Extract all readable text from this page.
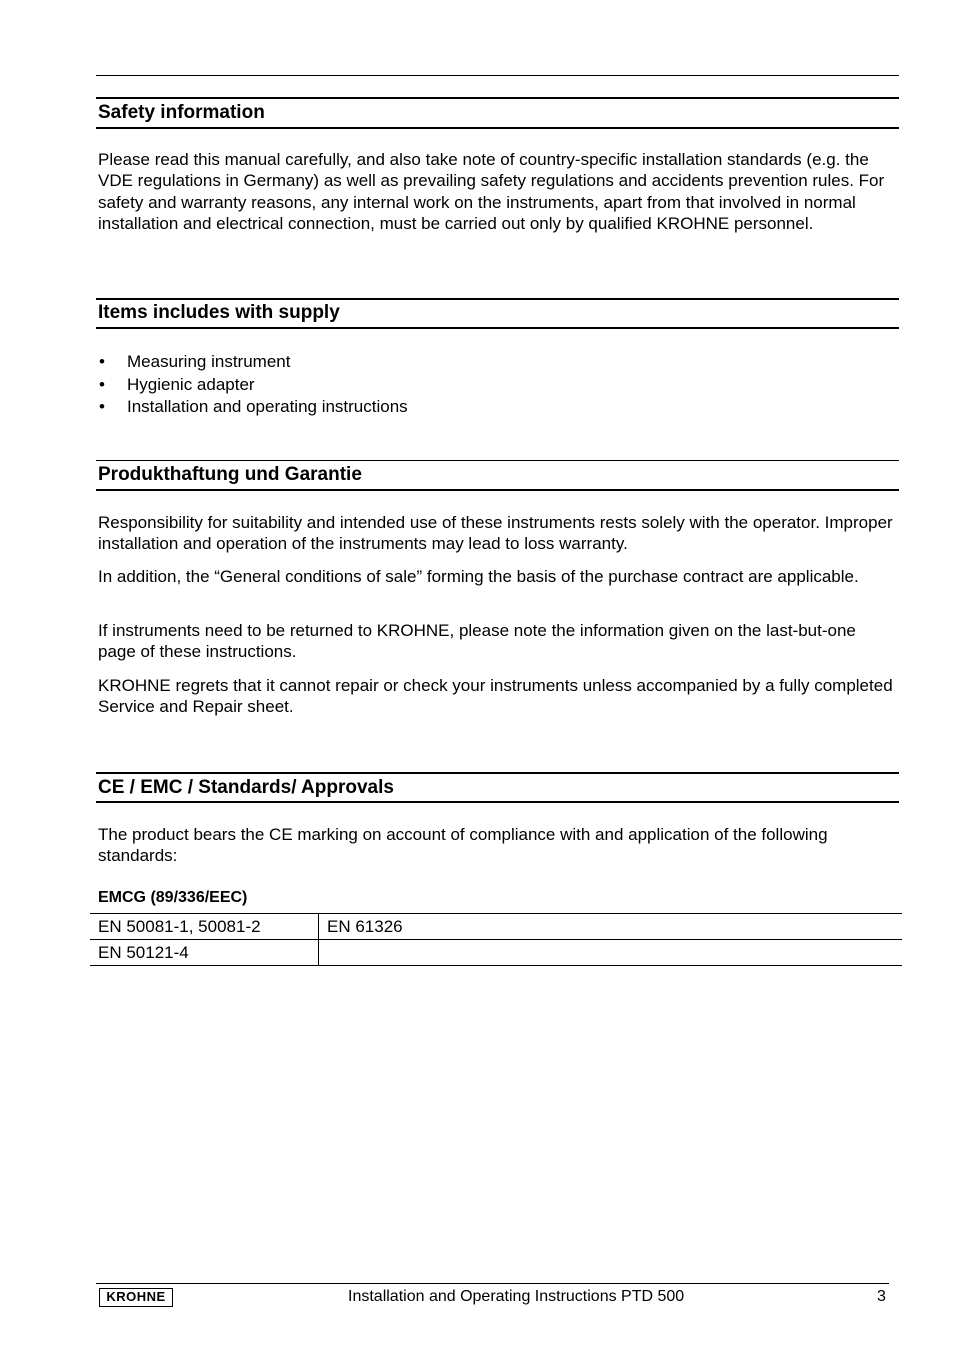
Safety information
Please read this manual carefully, and also take note of country-specific installation standards (e.g. the VDE regulations in Germany) as well as prevailing safety regulations and accidents prevention rules. For safety and warranty reasons, any internal work on the instruments, apart from that involved in normal installation and electrical connection, must be carried out only by qualified KROHNE personnel.
Items includes with supply
• Measuring instrument
• Hygienic adapter
• Installation and operating instructions
Produkthaftung und Garantie
Responsibility for suitability and intended use of these instruments rests solely with the operator. Improper installation and operation of the instruments may lead to loss warranty.
In addition, the “General conditions of sale” forming the basis of the purchase contract are applicable.
If instruments need to be returned to KROHNE, please note the information given on the last-but-one page of these instructions.
KROHNE regrets that it cannot repair or check your instruments unless accompanied by a fully completed Service and Repair sheet.
CE / EMC / Standards/ Approvals
The product bears the CE marking on account of compliance with and application of the following standards:
EMCG (89/336/EEC)
EN 50081-1, 50081-2	EN 61326
EN 50121-4	
KROHNE	Installation and Operating Instructions PTD 500	3
